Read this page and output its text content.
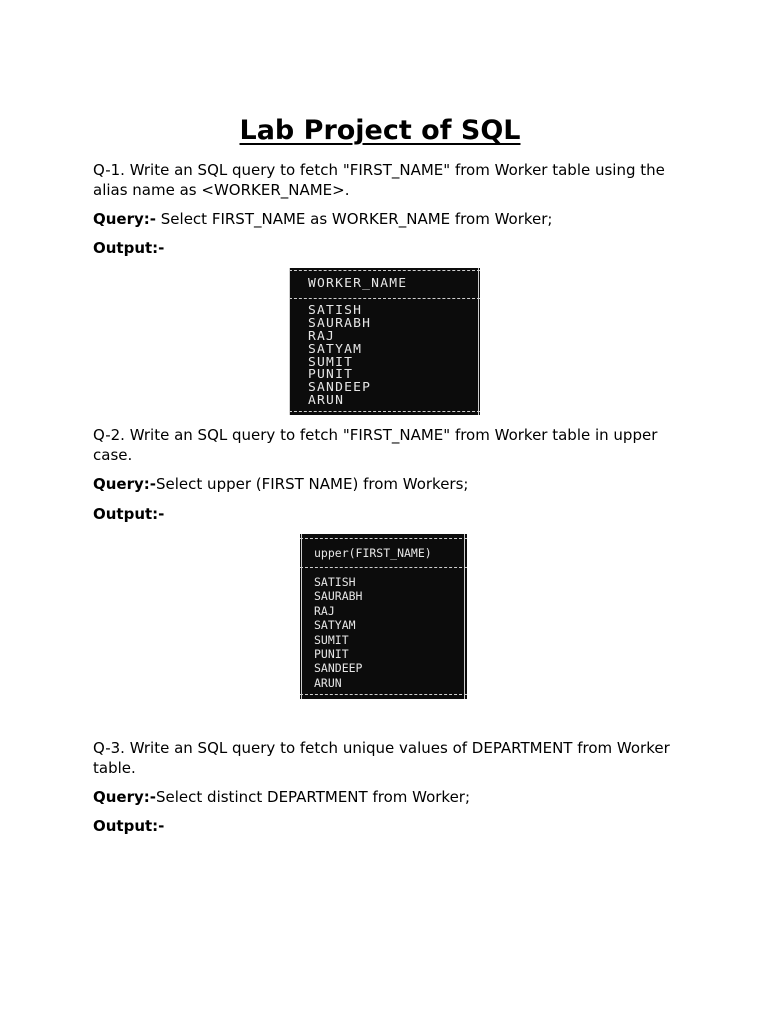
Lab Project of SQL

Q-1. Write an SQL query to fetch "FIRST_NAME" from Worker table using the alias name as <WORKER_NAME>.

Query:- Select FIRST_NAME as WORKER_NAME from Worker;

Output:-

WORKER_NAME
SATISH
SAURABH
RAJ
SATYAM
SUMIT
PUNIT
SANDEEP
ARUN

Q-2. Write an SQL query to fetch "FIRST_NAME" from Worker table in upper case.

Query:-Select upper (FIRST NAME) from Workers;

Output:-

upper(FIRST_NAME)
SATISH
SAURABH
RAJ
SATYAM
SUMIT
PUNIT
SANDEEP
ARUN

Q-3. Write an SQL query to fetch unique values of DEPARTMENT from Worker table.

Query:-Select distinct DEPARTMENT from Worker;

Output:-
